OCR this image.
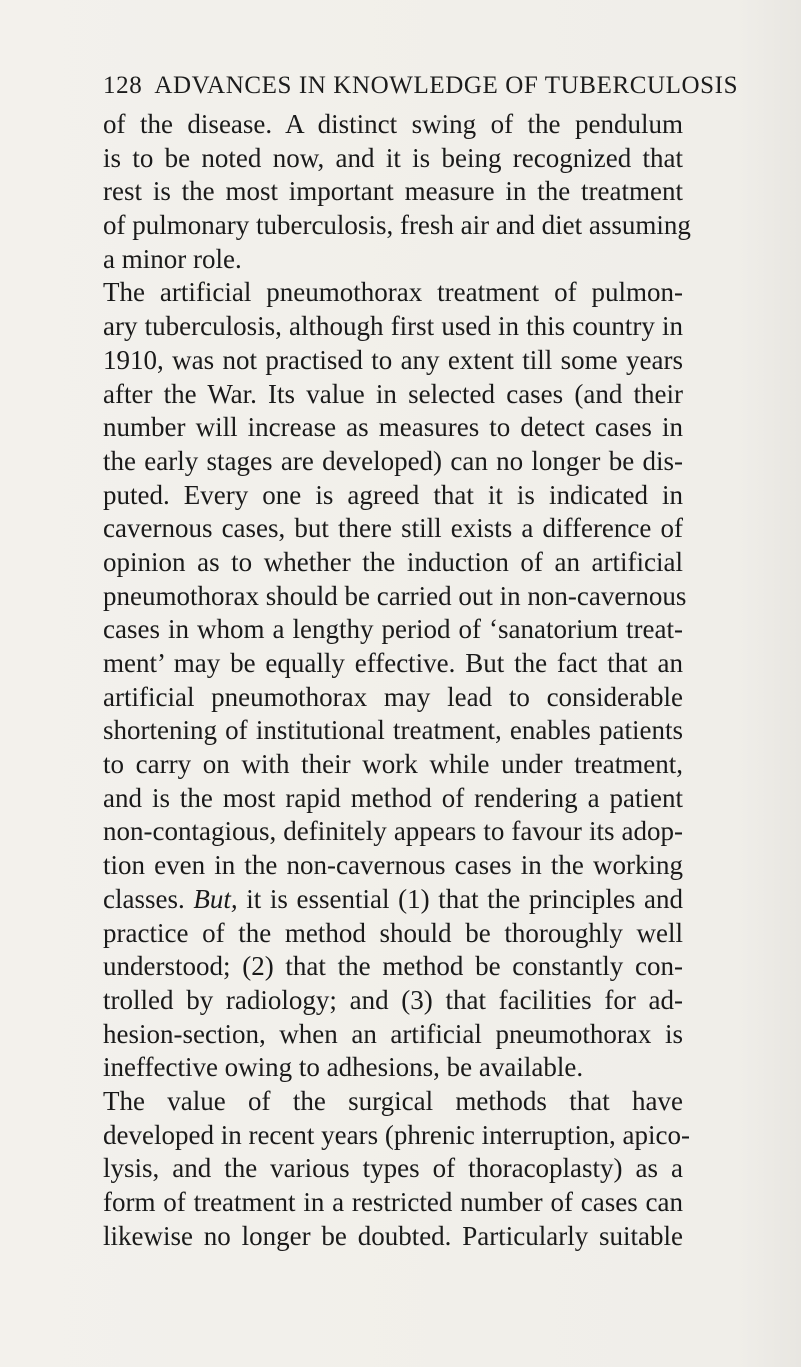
128 ADVANCES IN KNOWLEDGE OF TUBERCULOSIS
of the disease. A distinct swing of the pendulum
is to be noted now, and it is being recognized that
rest is the most important measure in the treatment
of pulmonary tuberculosis, fresh air and diet assuming
a minor role.
The artificial pneumothorax treatment of pulmon-
ary tuberculosis, although first used in this country in
1910, was not practised to any extent till some years
after the War. Its value in selected cases (and their
number will increase as measures to detect cases in
the early stages are developed) can no longer be dis-
puted. Every one is agreed that it is indicated in
cavernous cases, but there still exists a difference of
opinion as to whether the induction of an artificial
pneumothorax should be carried out in non-cavernous
cases in whom a lengthy period of ‘sanatorium treat-
ment’ may be equally effective. But the fact that an
artificial pneumothorax may lead to considerable
shortening of institutional treatment, enables patients
to carry on with their work while under treatment,
and is the most rapid method of rendering a patient
non-contagious, definitely appears to favour its adop-
tion even in the non-cavernous cases in the working
classes. But, it is essential (1) that the principles and
practice of the method should be thoroughly well
understood; (2) that the method be constantly con-
trolled by radiology; and (3) that facilities for ad-
hesion-section, when an artificial pneumothorax is
ineffective owing to adhesions, be available.
The value of the surgical methods that have
developed in recent years (phrenic interruption, apico-
lysis, and the various types of thoracoplasty) as a
form of treatment in a restricted number of cases can
likewise no longer be doubted. Particularly suitable
